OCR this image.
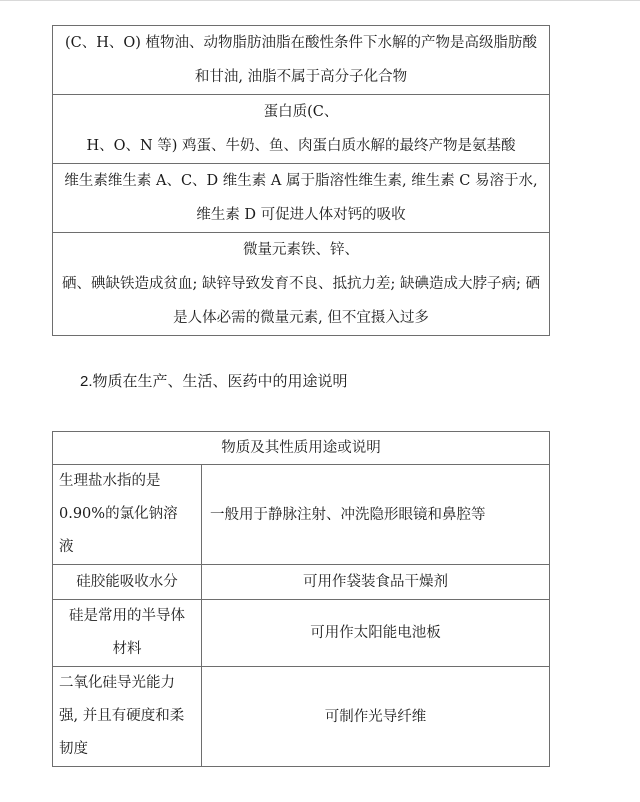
(C、H、O) 植物油、动物脂肪油脂在酸性条件下水解的产物是高级脂肪酸
和甘油, 油脂不属于高分子化合物

蛋白质(C、
H、O、N 等) 鸡蛋、牛奶、鱼、肉蛋白质水解的最终产物是氨基酸

维生素维生素 A、C、D 维生素 A 属于脂溶性维生素, 维生素 C 易溶于水,
维生素 D 可促进人体对钙的吸收

微量元素铁、锌、
硒、碘缺铁造成贫血; 缺锌导致发育不良、抵抗力差; 缺碘造成大脖子病; 硒
是人体必需的微量元素, 但不宜摄入过多
2.物质在生产、生活、医药中的用途说明
物质及其性质用途或说明	

生理盐水指的是
0.90%的氯化钠溶
液	一般用于静脉注射、冲洗隐形眼镜和鼻腔等

硅胶能吸收水分	可用作袋装食品干燥剂

硅是常用的半导体
材料	可用作太阳能电池板

二氧化硅导光能力
强, 并且有硬度和柔
韧度	可制作光导纤维
